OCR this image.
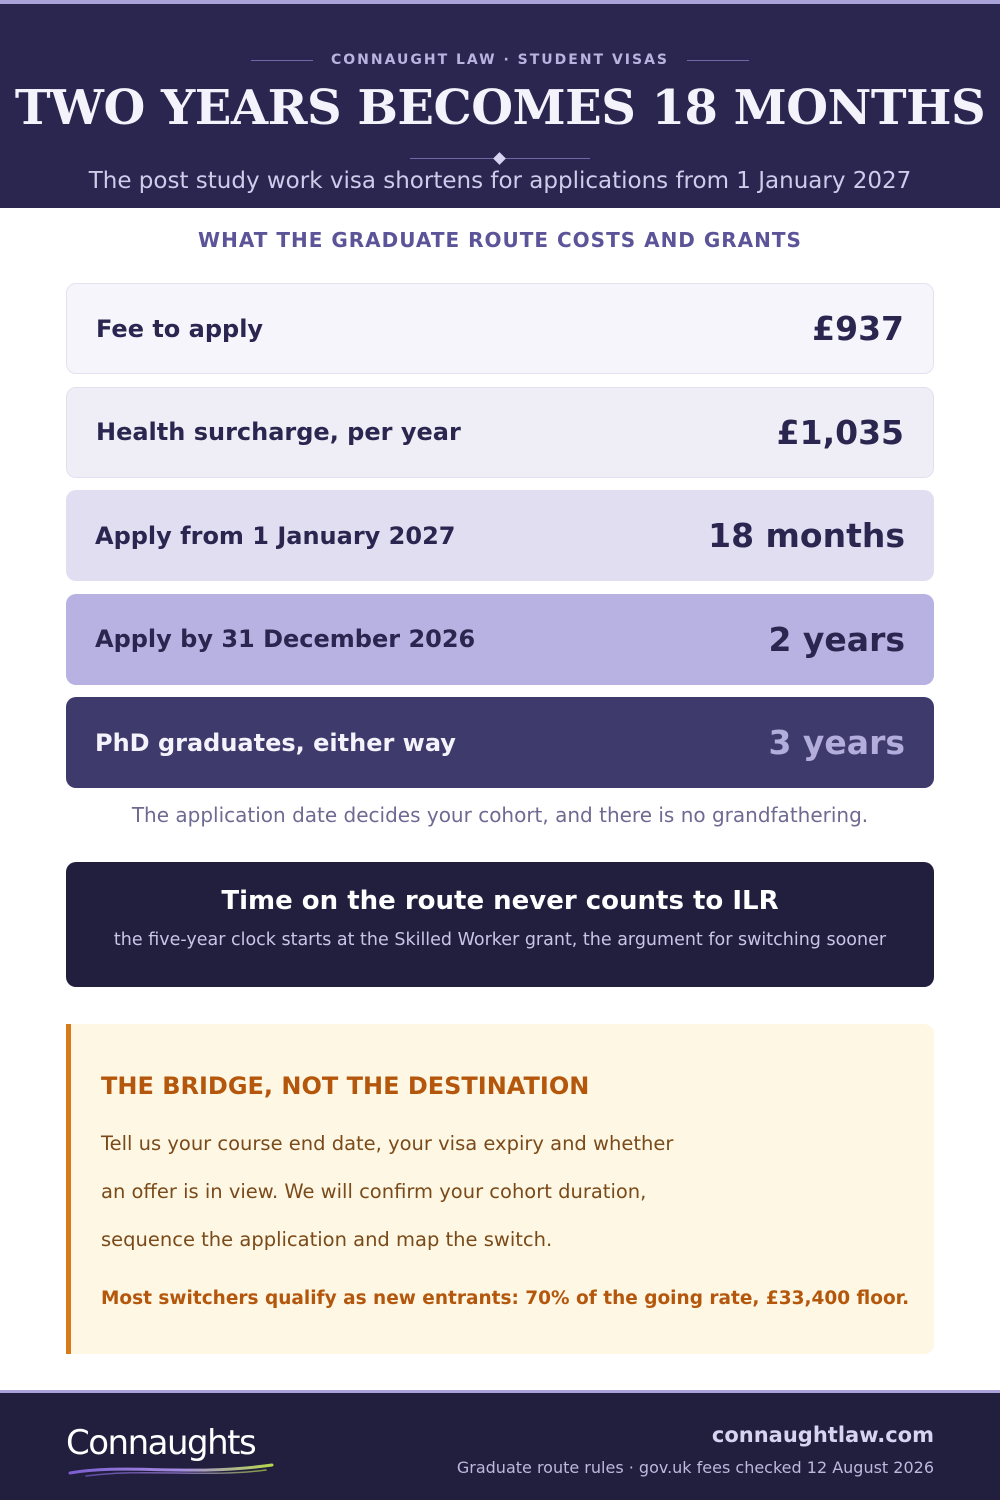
CONNAUGHT LAW · STUDENT VISAS
TWO YEARS BECOMES 18 MONTHS

The post study work visa shortens for applications from 1 January 2027

WHAT THE GRADUATE ROUTE COSTS AND GRANTS
Fee to apply	£937
Health surcharge, per year	£1,035
Apply from 1 January 2027	18 months
Apply by 31 December 2026	2 years
PhD graduates, either way	3 years

The application date decides your cohort, and there is no grandfathering.

Time on the route never counts to ILR

the five-year clock starts at the Skilled Worker grant, the argument for switching sooner

THE BRIDGE, NOT THE DESTINATION

Tell us your course end date, your visa expiry and whether

an offer is in view. We will confirm your cohort duration,

sequence the application and map the switch.

Most switchers qualify as new entrants: 70% of the going rate, £33,400 floor.

Connaughts	connaughtlaw.com

Graduate route rules · gov.uk fees checked 12 August 2026
